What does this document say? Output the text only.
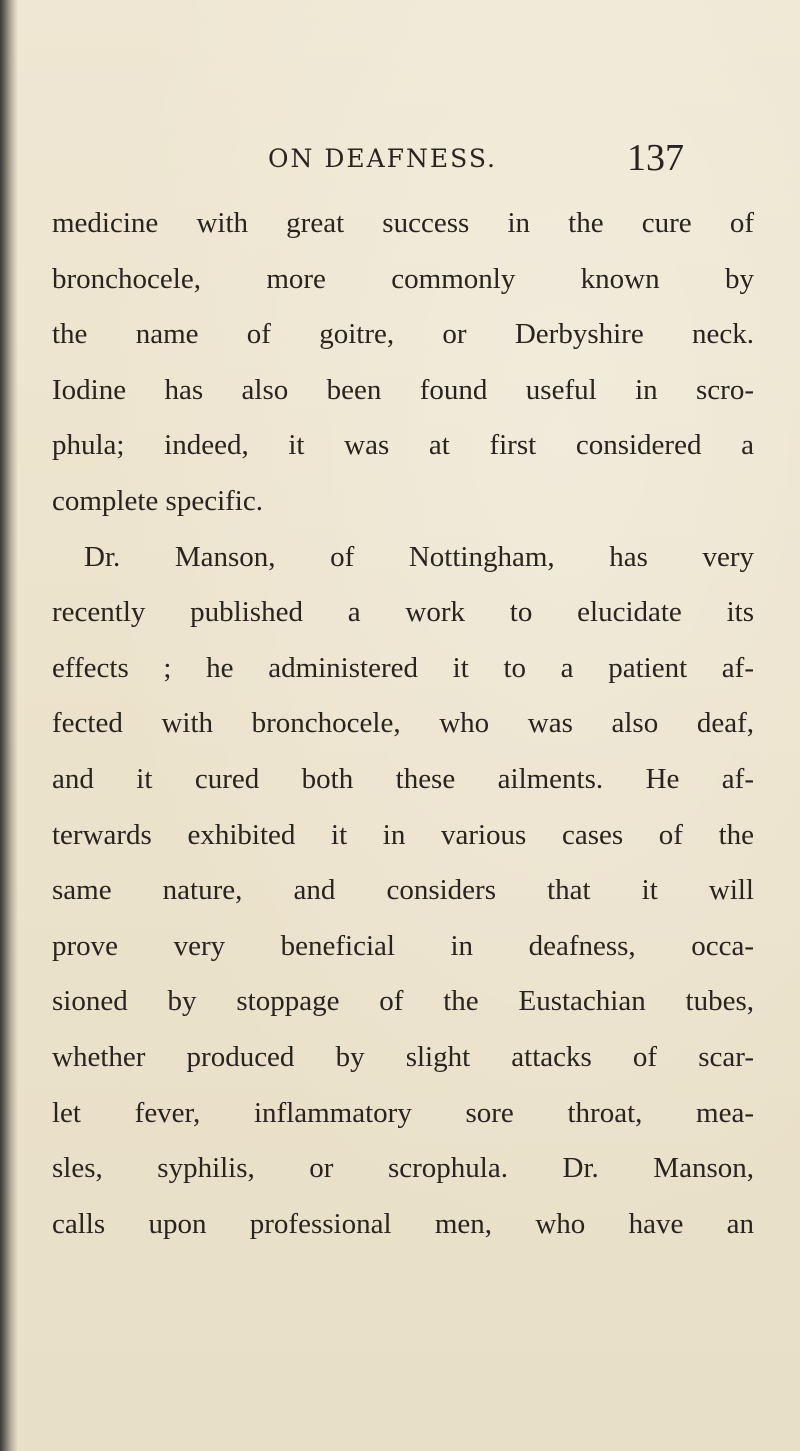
ON DEAFNESS.	137
medicine with great success in the cure of
bronchocele, more commonly known by
the name of goitre, or Derbyshire neck.
Iodine has also been found useful in scro-
phula; indeed, it was at first considered a
complete specific.
Dr. Manson, of Nottingham, has very
recently published a work to elucidate its
effects ; he administered it to a patient af-
fected with bronchocele, who was also deaf,
and it cured both these ailments. He af-
terwards exhibited it in various cases of the
same nature, and considers that it will
prove very beneficial in deafness, occa-
sioned by stoppage of the Eustachian tubes,
whether produced by slight attacks of scar-
let fever, inflammatory sore throat, mea-
sles, syphilis, or scrophula. Dr. Manson,
calls upon professional men, who have an
